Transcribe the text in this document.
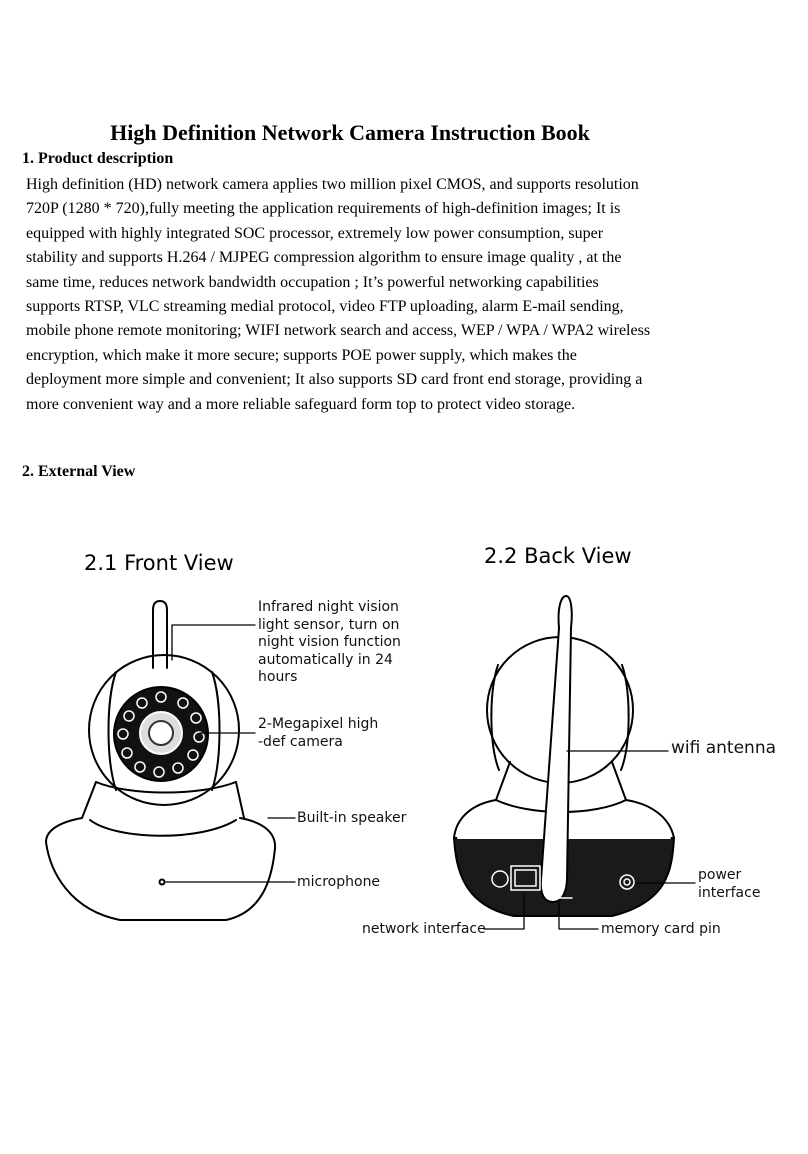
High Definition Network Camera Instruction Book
1. Product description
High definition (HD) network camera applies two million pixel CMOS, and supports resolution
720P (1280 * 720),fully meeting the application requirements of high-definition images; It is
equipped with highly integrated SOC processor, extremely low power consumption, super
stability and supports H.264 / MJPEG compression algorithm to ensure image quality , at the
same time, reduces network bandwidth occupation ; It’s powerful networking capabilities
supports RTSP, VLC streaming medial protocol, video FTP uploading, alarm E-mail sending,
mobile phone remote monitoring; WIFI network search and access, WEP / WPA / WPA2 wireless
encryption, which make it more secure; supports POE power supply, which makes the
deployment more simple and convenient; It also supports SD card front end storage, providing a
more convenient way and a more reliable safeguard form top to protect video storage.
2. External View
2.1 Front View	2.2 Back View
Infrared night vision
light sensor, turn on
night vision function
automatically in 24
hours
2-Megapixel high
-def camera
Built-in speaker
microphone
wifi antenna
power
interface
network interface	memory card pin
